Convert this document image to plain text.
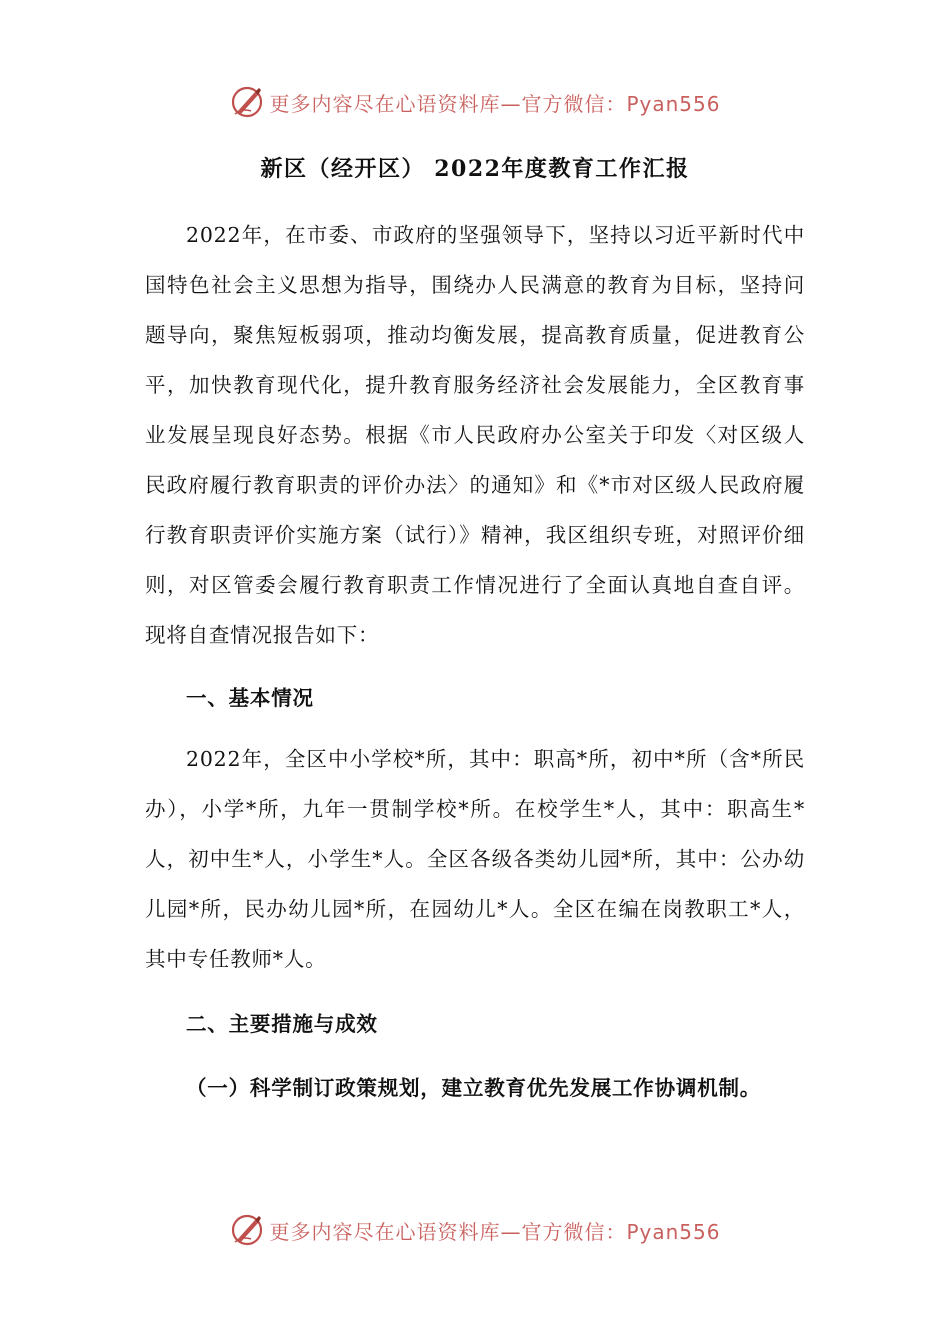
更多内容尽在心语资料库—官方微信：Pyan556
新区（经开区） 2022年度教育工作汇报

2022年，在市委、市政府的坚强领导下，坚持以习近平新时代中国特色社会主义思想为指导，围绕办人民满意的教育为目标，坚持问题导向，聚焦短板弱项，推动均衡发展，提高教育质量，促进教育公平，加快教育现代化，提升教育服务经济社会发展能力，全区教育事业发展呈现良好态势。根据《市人民政府办公室关于印发〈对区级人民政府履行教育职责的评价办法〉的通知》和《*市对区级人民政府履行教育职责评价实施方案（试行）》精神，我区组织专班，对照评价细则，对区管委会履行教育职责工作情况进行了全面认真地自查自评。现将自查情况报告如下：

一、基本情况

2022年，全区中小学校*所，其中：职高*所，初中*所（含*所民办），小学*所，九年一贯制学校*所。在校学生*人，其中：职高生*人，初中生*人，小学生*人。全区各级各类幼儿园*所，其中：公办幼儿园*所，民办幼儿园*所，在园幼儿*人。全区在编在岗教职工*人，其中专任教师*人。

二、主要措施与成效

（一）科学制订政策规划，建立教育优先发展工作协调机制。

更多内容尽在心语资料库—官方微信：Pyan556
